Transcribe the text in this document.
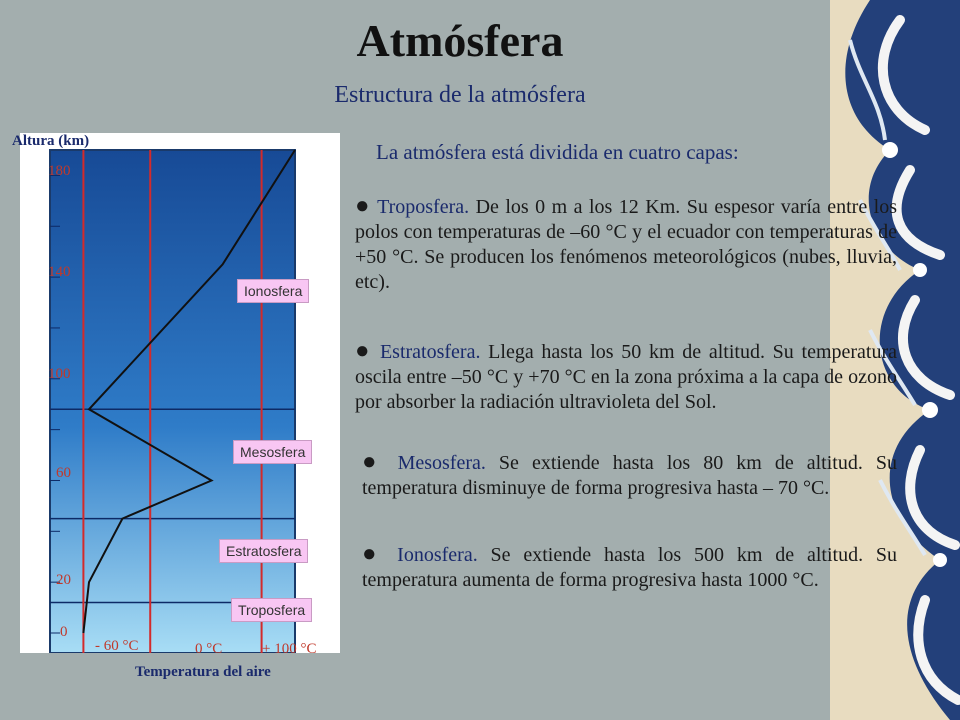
Atmósfera
Estructura de la atmósfera
Altura (km)
180
140
100
60
20
0
- 60 °C	0 °C	+ 100 °C
Temperatura del aire
Ionosfera
Mesosfera
Estratosfera
Troposfera
La atmósfera está dividida en cuatro capas:
● Troposfera. De los 0 m a los 12 Km. Su espesor varía entre los polos con temperaturas de –60 °C y el ecuador con temperaturas de +50 °C. Se producen los fenómenos meteorológicos (nubes, lluvia, etc).
● Estratosfera. Llega hasta los 50 km de altitud. Su temperatura oscila entre –50 °C y +70 °C en la zona próxima a la capa de ozono por absorber la radiación ultravioleta del Sol.
● Mesosfera. Se extiende hasta los 80 km de altitud. Su temperatura disminuye de forma progresiva hasta – 70 °C.
● Ionosfera. Se extiende hasta los 500 km de altitud. Su temperatura aumenta de forma progresiva hasta 1000 °C.
